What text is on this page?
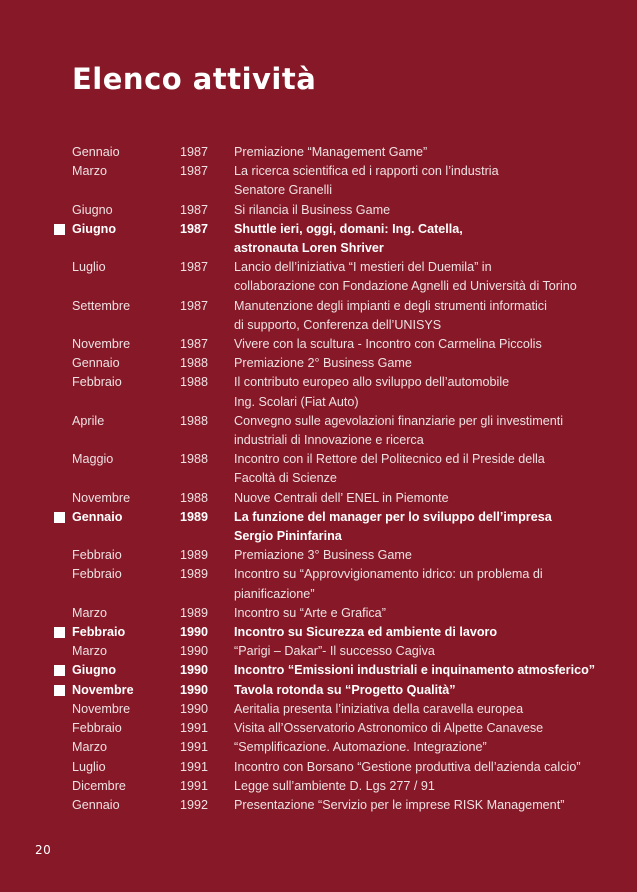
Elenco attività
Gennaio	1987	Premiazione “Management Game”
Marzo	1987	La ricerca scientifica ed i rapporti con l’industria
Senatore Granelli
Giugno	1987	Si rilancia il Business Game
Giugno	1987	Shuttle ieri, oggi, domani: Ing. Catella,
astronauta Loren Shriver
Luglio	1987	Lancio dell’iniziativa “I mestieri del Duemila” in
collaborazione con Fondazione Agnelli ed Università di Torino
Settembre	1987	Manutenzione degli impianti e degli strumenti informatici
di supporto, Conferenza dell’UNISYS
Novembre	1987	Vivere con la scultura - Incontro con Carmelina Piccolis
Gennaio	1988	Premiazione 2° Business Game
Febbraio	1988	Il contributo europeo allo sviluppo dell’automobile
Ing. Scolari (Fiat Auto)
Aprile	1988	Convegno sulle agevolazioni finanziarie per gli investimenti
industriali di Innovazione e ricerca
Maggio	1988	Incontro con il Rettore del Politecnico ed il Preside della
Facoltà di Scienze
Novembre	1988	Nuove Centrali dell’ ENEL in Piemonte
Gennaio	1989	La funzione del manager per lo sviluppo dell’impresa
Sergio Pininfarina
Febbraio	1989	Premiazione 3° Business Game
Febbraio	1989	Incontro su “Approvvigionamento idrico: un problema di
pianificazione”
Marzo	1989	Incontro su “Arte e Grafica”
Febbraio	1990	Incontro su Sicurezza ed ambiente di lavoro
Marzo	1990	“Parigi – Dakar”- Il successo Cagiva
Giugno	1990	Incontro “Emissioni industriali e inquinamento atmosferico”
Novembre	1990	Tavola rotonda su “Progetto Qualità”
Novembre	1990	Aeritalia presenta l’iniziativa della caravella europea
Febbraio	1991	Visita all’Osservatorio Astronomico di Alpette Canavese
Marzo	1991	“Semplificazione. Automazione. Integrazione”
Luglio	1991	Incontro con Borsano “Gestione produttiva dell’azienda calcio”
Dicembre	1991	Legge sull’ambiente D. Lgs 277 / 91
Gennaio	1992	Presentazione “Servizio per le imprese RISK Management”
20
